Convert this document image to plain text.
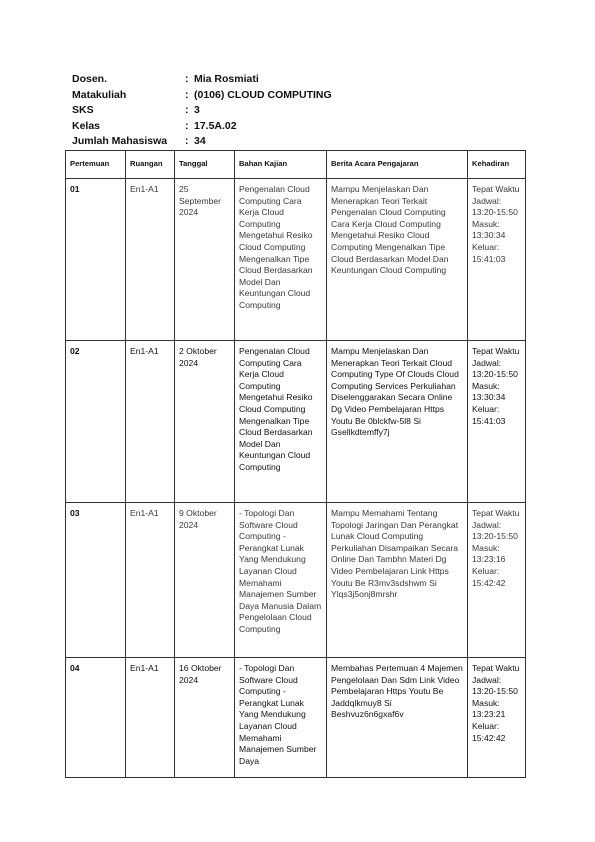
Dosen.	: Mia Rosmiati
Matakuliah	: (0106) CLOUD COMPUTING
SKS	: 3
Kelas	: 17.5A.02
Jumlah Mahasiswa	: 34
Pertemuan	Ruangan	Tanggal	Bahan Kajian	Berita Acara Pengajaran	Kehadiran
01	En1-A1	25 September 2024	Pengenalan Cloud Computing Cara Kerja Cloud Computing Mengetahui Resiko Cloud Computing Mengenalkan Tipe Cloud Berdasarkan Model Dan Keuntungan Cloud Computing	Mampu Menjelaskan Dan Menerapkan Teori Terkait Pengenalan Cloud Computing Cara Kerja Cloud Computing Mengetahui Resiko Cloud Computing Mengenalkan Tipe Cloud Berdasarkan Model Dan Keuntungan Cloud Computing	Tepat Waktu Jadwal: 13:20-15:50 Masuk: 13:30:34 Keluar: 15:41:03
02	En1-A1	2 Oktober 2024	Pengenalan Cloud Computing Cara Kerja Cloud Computing Mengetahui Resiko Cloud Computing Mengenalkan Tipe Cloud Berdasarkan Model Dan Keuntungan Cloud Computing	Mampu Menjelaskan Dan Menerapkan Teori Terkait Cloud Computing Type Of Clouds Cloud Computing Services Perkuliahan Diselenggarakan Secara Online Dg Video Pembelajaran Https Youtu Be 0blckfw-5l8 Si Gsellkdtemffy7j	Tepat Waktu Jadwal: 13:20-15:50 Masuk: 13:30:34 Keluar: 15:41:03
03	En1-A1	9 Oktober 2024	- Topologi Dan Software Cloud Computing - Perangkat Lunak Yang Mendukung Layanan Cloud Memahami Manajemen Sumber Daya Manusia Dalam Pengelolaan Cloud Computing	Mampu Memahami Tentang Topologi Jaringan Dan Perangkat Lunak Cloud Computing Perkuliahan Disampaikan Secara Online Dan Tambhn Materi Dg Video Pembelajaran Link Https Youtu Be R3mv3sdshwm Si Ylqs3j5onj8mrshr	Tepat Waktu Jadwal: 13:20-15:50 Masuk: 13:23:16 Keluar: 15:42:42
04	En1-A1	16 Oktober 2024	- Topologi Dan Software Cloud Computing - Perangkat Lunak Yang Mendukung Layanan Cloud Memahami Manajemen Sumber Daya	Membahas Pertemuan 4 Majemen Pengelolaan Dan Sdm Link Video Pembelajaran Https Youtu Be Jaddqlkmuy8 Si Beshvuz6n6gxaf6v	Tepat Waktu Jadwal: 13:20-15:50 Masuk: 13:23:21 Keluar: 15:42:42
